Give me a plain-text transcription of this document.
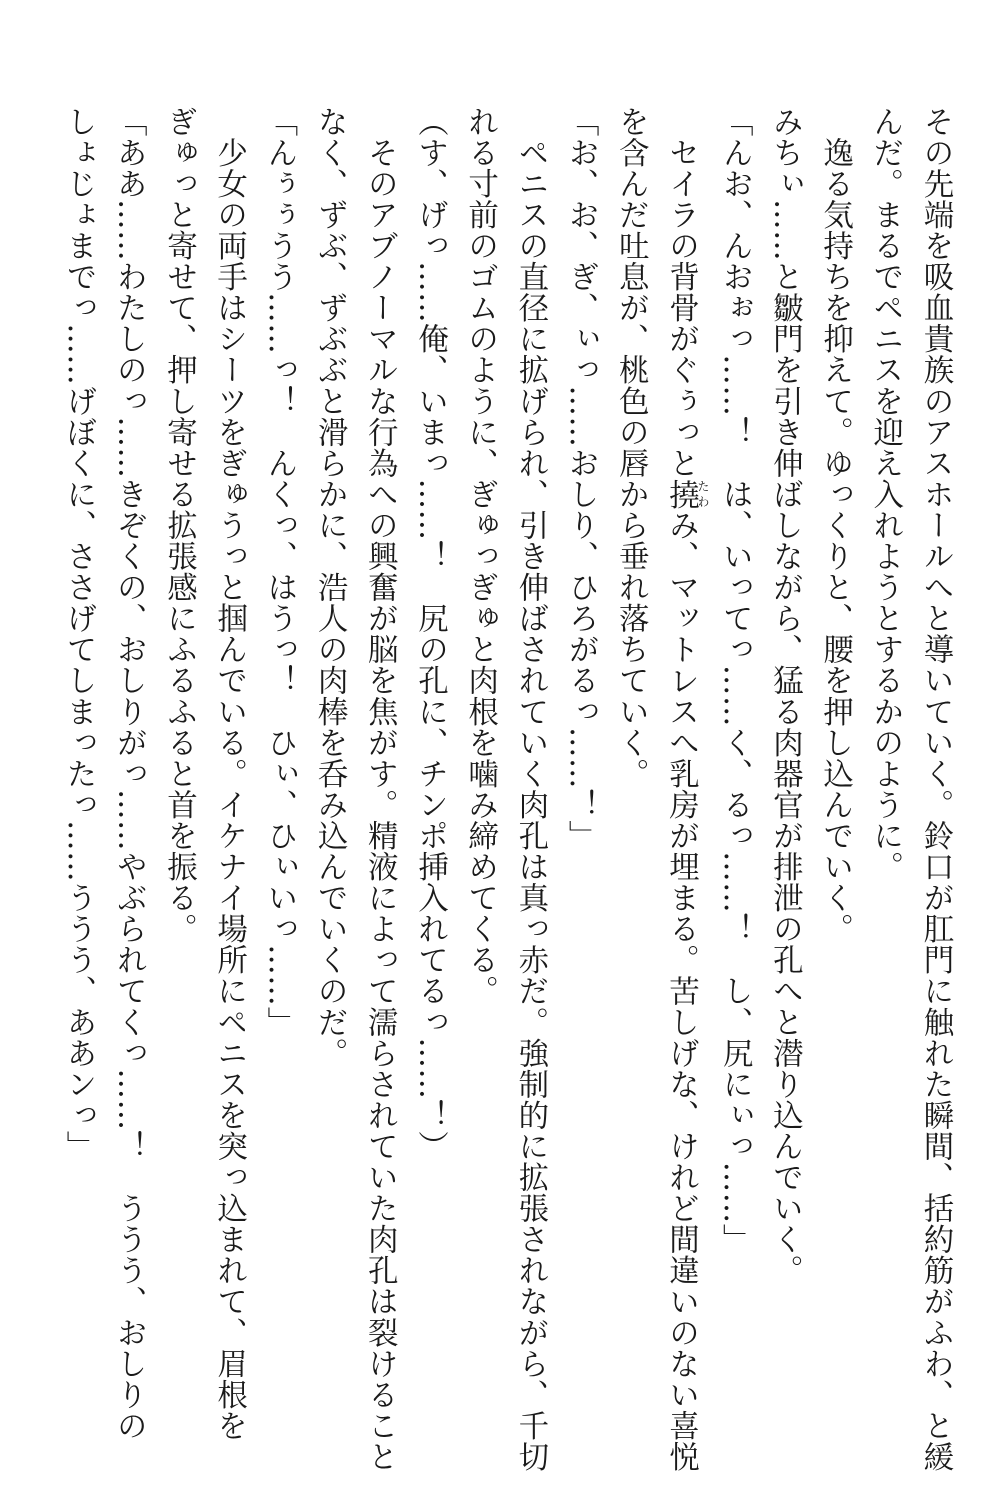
その先端を吸血貴族のアスホールへと導いていく。鈴口が肛門に触れた瞬間、括約筋がふわ、と緩
んだ。まるでペニスを迎え入れようとするかのように。
　逸る気持ちを抑えて。ゆっくりと、腰を押し込んでいく。
みちぃ……と皺門を引き伸ばしながら、猛る肉器官が排泄の孔へと潜り込んでいく。
「んお、んおぉっ……！　は、いってっ……く、るっ……！　し、尻にぃっ……」
　セイラの背骨がぐぅっと撓たわみ、マットレスへ乳房が埋まる。苦しげな、けれど間違いのない喜悦
を含んだ吐息が、桃色の唇から垂れ落ちていく。
「お、お、ぎ、ぃっ……おしり、ひろがるっ……！」
　ペニスの直径に拡げられ、引き伸ばされていく肉孔は真っ赤だ。強制的に拡張されながら、千切
れる寸前のゴムのように、ぎゅっぎゅと肉根を噛み締めてくる。
（す、げっ……俺、いまっ……！　尻の孔に、チンポ挿入れてるっ……！）
　そのアブノーマルな行為への興奮が脳を焦がす。精液によって濡らされていた肉孔は裂けること
なく、ずぶ、ずぶぶと滑らかに、浩人の肉棒を呑み込んでいくのだ。
「んぅぅうう……っ！　んくっ、はうっ！　ひぃ、ひぃいっ……」
　少女の両手はシーツをぎゅうっと掴んでいる。イケナイ場所にペニスを突っ込まれて、眉根を
ぎゅっと寄せて、押し寄せる拡張感にふるふると首を振る。
「ああ……わたしのっ……きぞくの、おしりがっ……やぶられてくっ……！　ううう、おしりの
しょじょまでっ……げぼくに、ささげてしまったっ……ううう、ああンっ」
